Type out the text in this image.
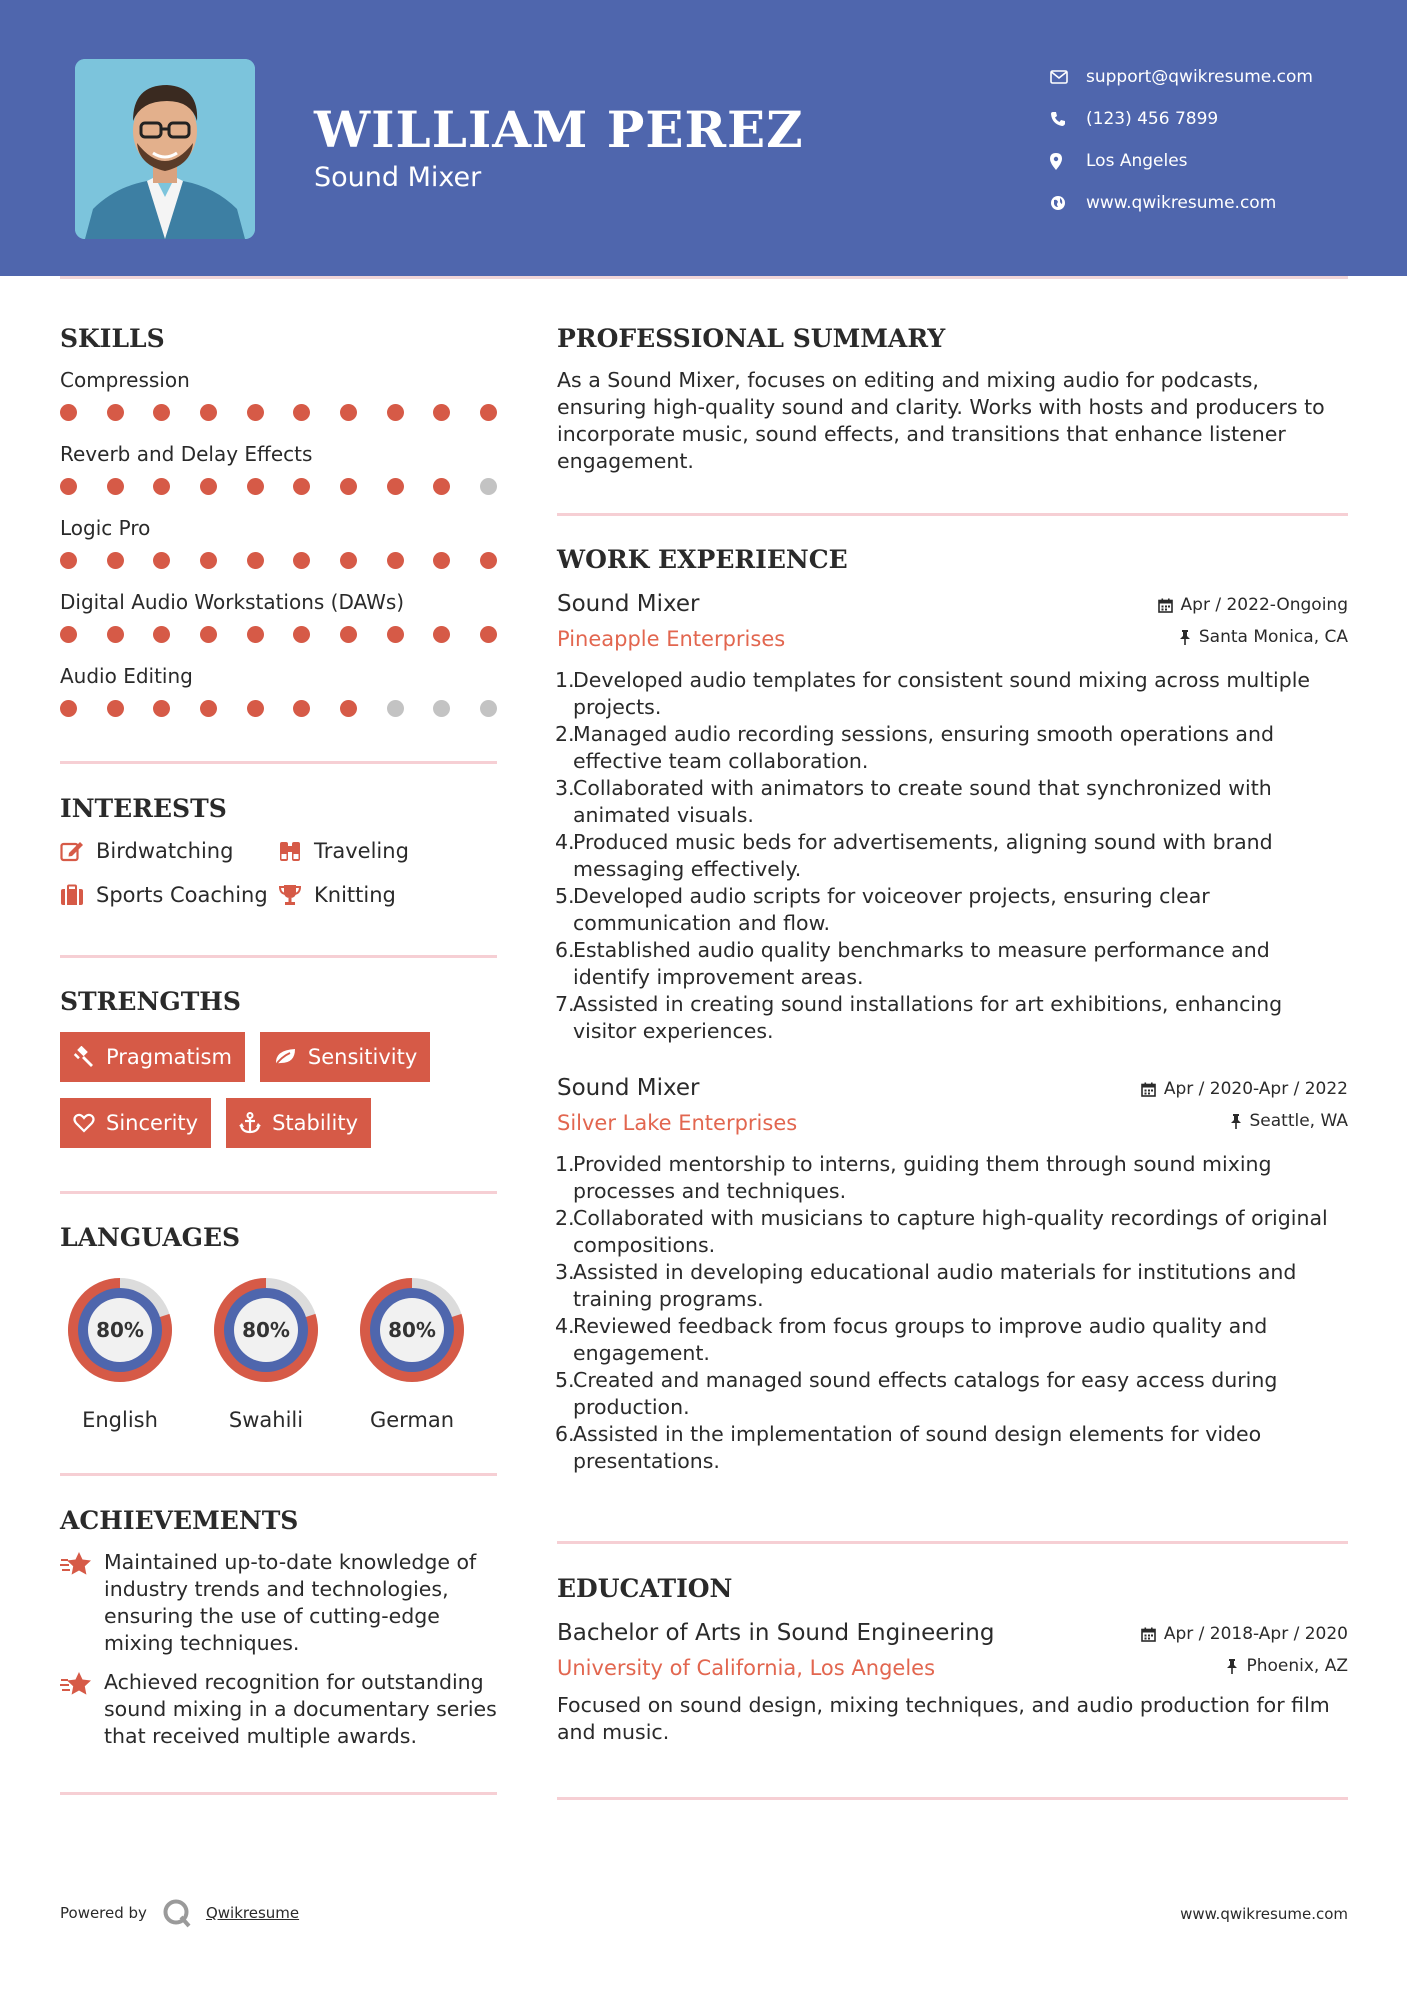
WILLIAM PEREZ
Sound Mixer
support@qwikresume.com
(123) 456 7899
Los Angeles
www.qwikresume.com
SKILLS
Compression
Reverb and Delay Effects
Logic Pro
Digital Audio Workstations (DAWs)
Audio Editing
INTERESTS
Birdwatching	Traveling
Sports Coaching Knitting
STRENGTHS
Pragmatism	Sensitivity
Sincerity	Stability
LANGUAGES
80%
English
80%
Swahili
80%
German
ACHIEVEMENTS
Maintained up-to-date knowledge of industry trends and technologies, ensuring the use of cutting-edge mixing techniques.
Achieved recognition for outstanding sound mixing in a documentary series that received multiple awards.
PROFESSIONAL SUMMARY
As a Sound Mixer, focuses on editing and mixing audio for podcasts, ensuring high-quality sound and clarity. Works with hosts and producers to incorporate music, sound effects, and transitions that enhance listener engagement.
WORK EXPERIENCE
Sound Mixer
Pineapple Enterprises
Apr / 2022-Ongoing
Santa Monica, CA
1.
Developed audio templates for consistent sound mixing across multiple projects.
2.
Managed audio recording sessions, ensuring smooth operations and effective team collaboration.
3.
Collaborated with animators to create sound that synchronized with animated visuals.
4.
Produced music beds for advertisements, aligning sound with brand messaging effectively.
5.
Developed audio scripts for voiceover projects, ensuring clear communication and flow.
6.
Established audio quality benchmarks to measure performance and identify improvement areas.
7.
Assisted in creating sound installations for art exhibitions, enhancing visitor experiences.
Sound Mixer
Silver Lake Enterprises
Apr / 2020-Apr / 2022
Seattle, WA
1.
Provided mentorship to interns, guiding them through sound mixing processes and techniques.
2.
Collaborated with musicians to capture high-quality recordings of original compositions.
3.
Assisted in developing educational audio materials for institutions and training programs.
4.
Reviewed feedback from focus groups to improve audio quality and engagement.
5.
Created and managed sound effects catalogs for easy access during production.
6.
Assisted in the implementation of sound design elements for video presentations.
EDUCATION
Bachelor of Arts in Sound Engineering
University of California, Los Angeles
Apr / 2018-Apr / 2020
Phoenix, AZ
Focused on sound design, mixing techniques, and audio production for film and music.
Powered by	Qwikresume	www.qwikresume.com
